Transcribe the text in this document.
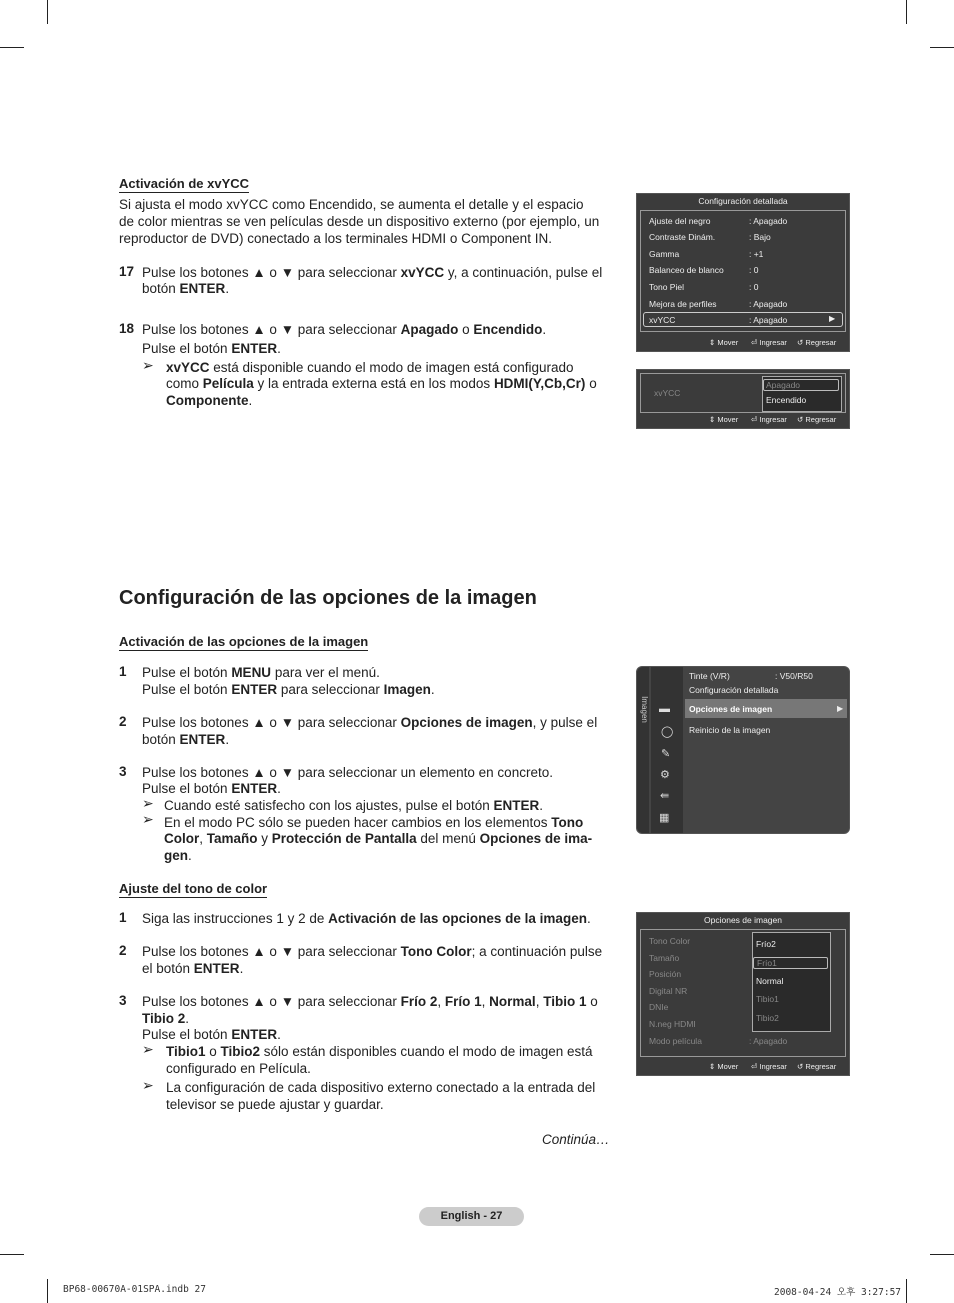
Activación de xvYCC
Si ajusta el modo xvYCC como Encendido, se aumenta el detalle y el espacio
de color mientras se ven películas desde un dispositivo externo (por ejemplo, un
reproductor de DVD) conectado a los terminales HDMI o Component IN.
17 Pulse los botones ▲ o ▼ para seleccionar xvYCC y, a continuación, pulse el
botón ENTER.
18 Pulse los botones ▲ o ▼ para seleccionar Apagado o Encendido.
Pulse el botón ENTER.
➢ xvYCC está disponible cuando el modo de imagen está configurado
como Película y la entrada externa está en los modos HDMI(Y,Cb,Cr) o
Componente.
Configuración detallada
Ajuste del negro	: Apagado
Contraste Dinám.	: Bajo
Gamma	: +1
Balanceo de blanco	: 0
Tono Piel	: 0
Mejora de perfiles	: Apagado
xvYCC	: Apagado	▶
⇕ Mover ⏎ Ingresar ↺ Regresar
xvYCC
Apagado
Encendido
⇕ Mover ⏎ Ingresar ↺ Regresar
Configuración de las opciones de la imagen
Activación de las opciones de la imagen
1 Pulse el botón MENU para ver el menú.
Pulse el botón ENTER para seleccionar Imagen.
2 Pulse los botones ▲ o ▼ para seleccionar Opciones de imagen, y pulse el
botón ENTER.
3 Pulse los botones ▲ o ▼ para seleccionar un elemento en concreto.
Pulse el botón ENTER.
➢ Cuando esté satisfecho con los ajustes, pulse el botón ENTER.
➢ En el modo PC sólo se pueden hacer cambios en los elementos Tono
Color, Tamaño y Protección de Pantalla del menú Opciones de ima-
gen.
Imagen ▬
◯
✎
⚙
⇚
▦
Tinte (V/R)	: V50/R50
Configuración detallada
Opciones de imagen	▶
Reinicio de la imagen
Ajuste del tono de color
1 Siga las instrucciones 1 y 2 de Activación de las opciones de la imagen.
2 Pulse los botones ▲ o ▼ para seleccionar Tono Color; a continuación pulse
el botón ENTER.
3 Pulse los botones ▲ o ▼ para seleccionar Frío 2, Frío 1, Normal, Tibio 1 o
Tibio 2.
Pulse el botón ENTER.
➢ Tibio1 o Tibio2 sólo están disponibles cuando el modo de imagen está
configurado en Película.
➢ La configuración de cada dispositivo externo conectado a la entrada del
televisor se puede ajustar y guardar.
Continúa…
Opciones de imagen
Tono Color
Tamaño
Posición
Digital NR
DNIe
N.neg HDMI
Modo película	: Apagado
Frío2
Frío1
Normal
Tibio1
Tibio2
⇕ Mover ⏎ Ingresar ↺ Regresar
English - 27
BP68-00670A-01SPA.indb 27	2008-04-24 오후 3:27:57
